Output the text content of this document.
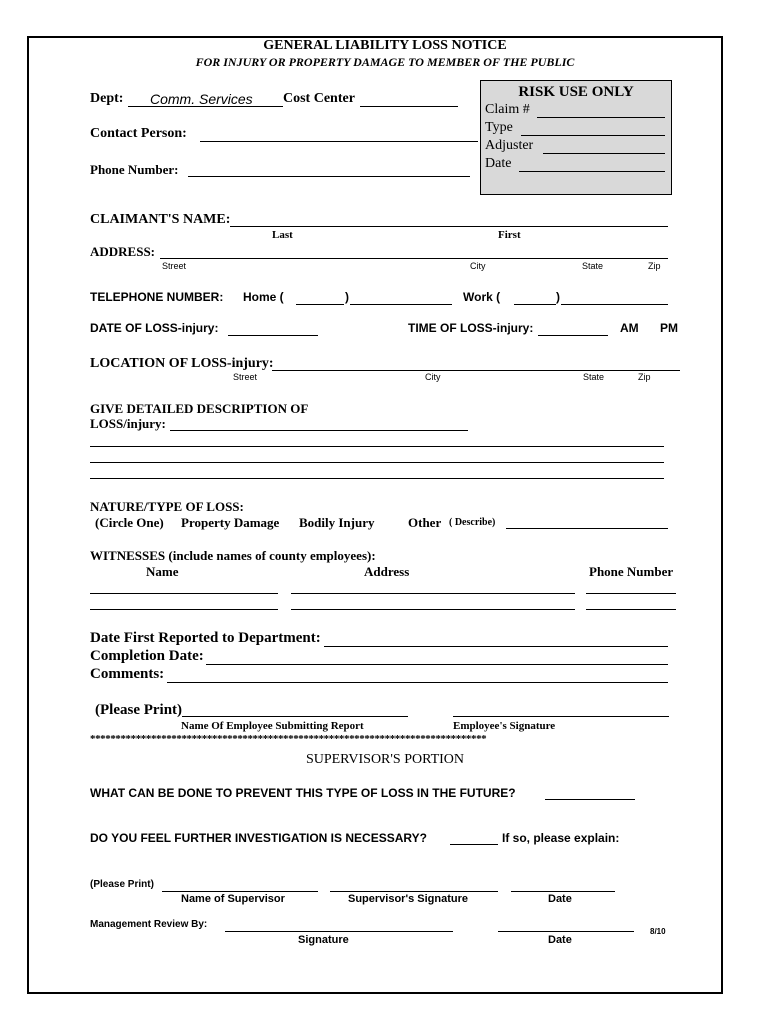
GENERAL LIABILITY LOSS NOTICE
FOR INJURY OR PROPERTY DAMAGE TO MEMBER OF THE PUBLIC
Dept: Comm. Services Cost Center	RISK USE ONLY
Claim #
Type
Adjuster
Date
Contact Person:
Phone Number:
CLAIMANT'S NAME:
Last	First
ADDRESS:
Street	City	State	Zip
TELEPHONE NUMBER: Home (	)	Work (	)
DATE OF LOSS-injury:	TIME OF LOSS-injury:	AM PM
LOCATION OF LOSS-injury:
Street	City	State	Zip
GIVE DETAILED DESCRIPTION OF
LOSS/injury:
NATURE/TYPE OF LOSS:
(Circle One) Property Damage Bodily Injury	Other ( Describe)
WITNESSES (include names of county employees):
Name	Address	Phone Number
Date First Reported to Department:
Completion Date:
Comments:
(Please Print)
Name Of Employee Submitting Report	Employee's Signature
******************************************************************************
SUPERVISOR'S PORTION
WHAT CAN BE DONE TO PREVENT THIS TYPE OF LOSS IN THE FUTURE?
DO YOU FEEL FURTHER INVESTIGATION IS NECESSARY?	If so, please explain:
(Please Print)
Name of Supervisor	Supervisor's Signature	Date
Management Review By:
8/10
Signature	Date
